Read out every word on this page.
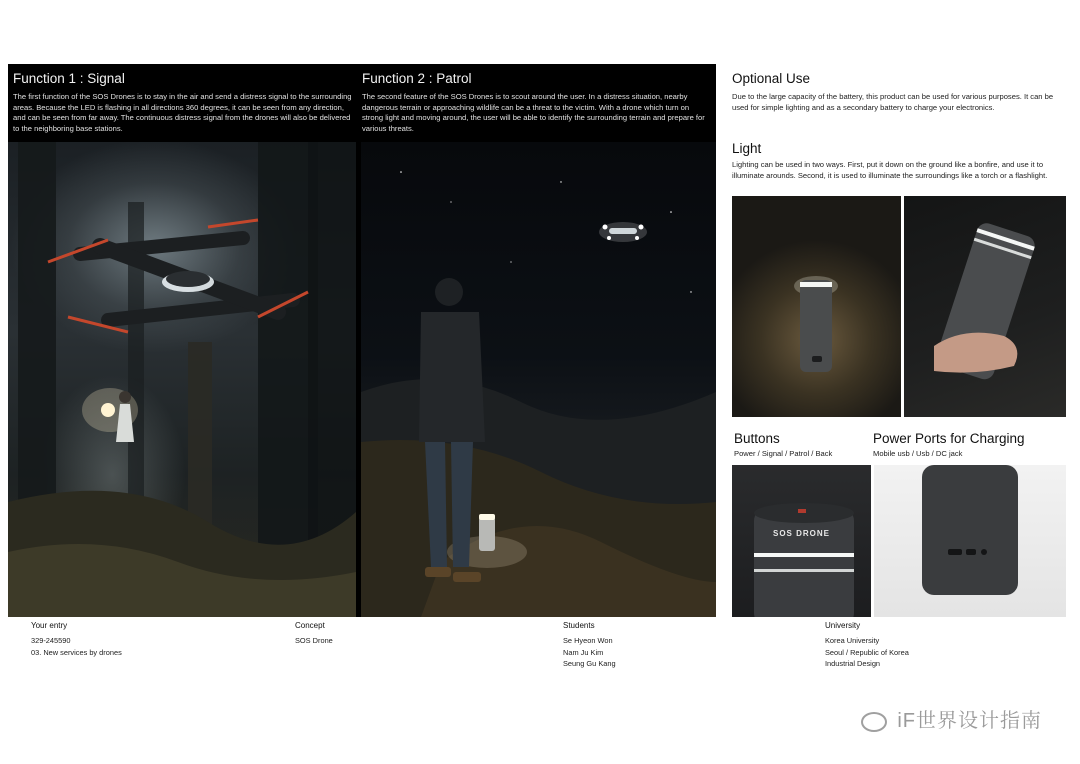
Function 1 : Signal
The first function of the SOS Drones is to stay in the air and send a distress signal to the surrounding areas. Because the LED is flashing in all directions 360 degrees, it can be seen from any direction, and can be seen from far away. The continuous distress signal from the drones will also be delivered to the neighboring base stations.
Function 2 : Patrol
The second feature of the SOS Drones is to scout around the user. In a distress situation, nearby dangerous terrain or approaching wildlife can be a threat to the victim. With a drone which turn on strong light and moving around, the user will be able to identify the surrounding terrain and prepare for various threats.
Optional Use
Due to the large capacity of the battery, this product can be used for various purposes. It can be used for simple lighting and as a secondary battery to charge your electronics.
Light
Lighting can be used in two ways. First, put it down on the ground like a bonfire, and use it to illuminate arounds. Second, it is used to illuminate the surroundings like a torch or a flashlight.
Buttons
Power / Signal / Patrol / Back
Power Ports for Charging
Mobile usb / Usb / DC jack
SOS DRONE
Your entry
329-245590
03. New services by drones
Concept
SOS Drone
Students
Se Hyeon Won
Nam Ju Kim
Seung Gu Kang
University
Korea University
Seoul / Republic of Korea
Industrial Design
iF世界设计指南
